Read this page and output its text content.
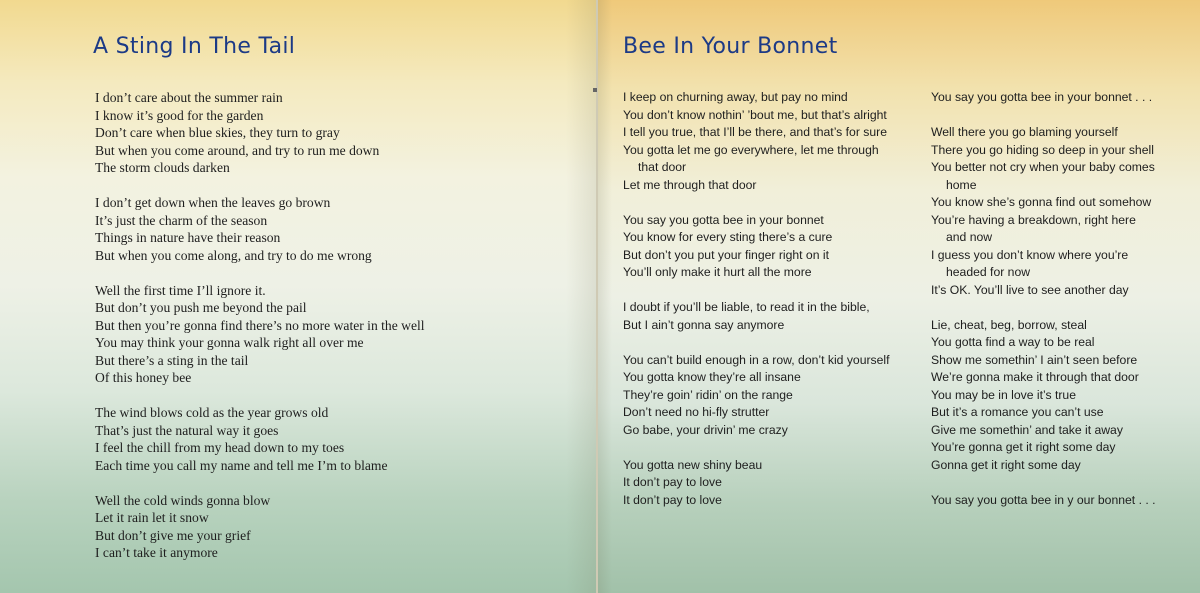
A Sting In The Tail
I don’t care about the summer rain
I know it’s good for the garden
Don’t care when blue skies, they turn to gray
But when you come around, and try to run me down
The storm clouds darken
I don’t get down when the leaves go brown
It’s just the charm of the season
Things in nature have their reason
But when you come along, and try to do me wrong
Well the first time I’ll ignore it.
But don’t you push me beyond the pail
But then you’re gonna find there’s no more water in the well
You may think your gonna walk right all over me
But there’s a sting in the tail
Of this honey bee
The wind blows cold as the year grows old
That’s just the natural way it goes
I feel the chill from my head down to my toes
Each time you call my name and tell me I’m to blame
Well the cold winds gonna blow
Let it rain let it snow
But don’t give me your grief
I can’t take it anymore
Bee In Your Bonnet
I keep on churning away, but pay no mind
You don’t know nothin’ ’bout me, but that’s alright
I tell you true, that I’ll be there, and that’s for sure
You gotta let me go everywhere, let me through
that door
Let me through that door
You say you gotta bee in your bonnet
You know for every sting there’s a cure
But don’t you put your finger right on it
You’ll only make it hurt all the more
I doubt if you’ll be liable, to read it in the bible,
But I ain’t gonna say anymore
You can’t build enough in a row, don’t kid yourself
You gotta know they’re all insane
They’re goin’ ridin’ on the range
Don’t need no hi-fly strutter
Go babe, your drivin’ me crazy
You gotta new shiny beau
It don’t pay to love
It don’t pay to love
You say you gotta bee in your bonnet . . .
Well there you go blaming yourself
There you go hiding so deep in your shell
You better not cry when your baby comes
home
You know she’s gonna find out somehow
You’re having a breakdown, right here
and now
I guess you don’t know where you’re
headed for now
It’s OK. You’ll live to see another day
Lie, cheat, beg, borrow, steal
You gotta find a way to be real
Show me somethin’ I ain’t seen before
We’re gonna make it through that door
You may be in love it’s true
But it’s a romance you can’t use
Give me somethin’ and take it away
You’re gonna get it right some day
Gonna get it right some day
You say you gotta bee in y our bonnet . . .
